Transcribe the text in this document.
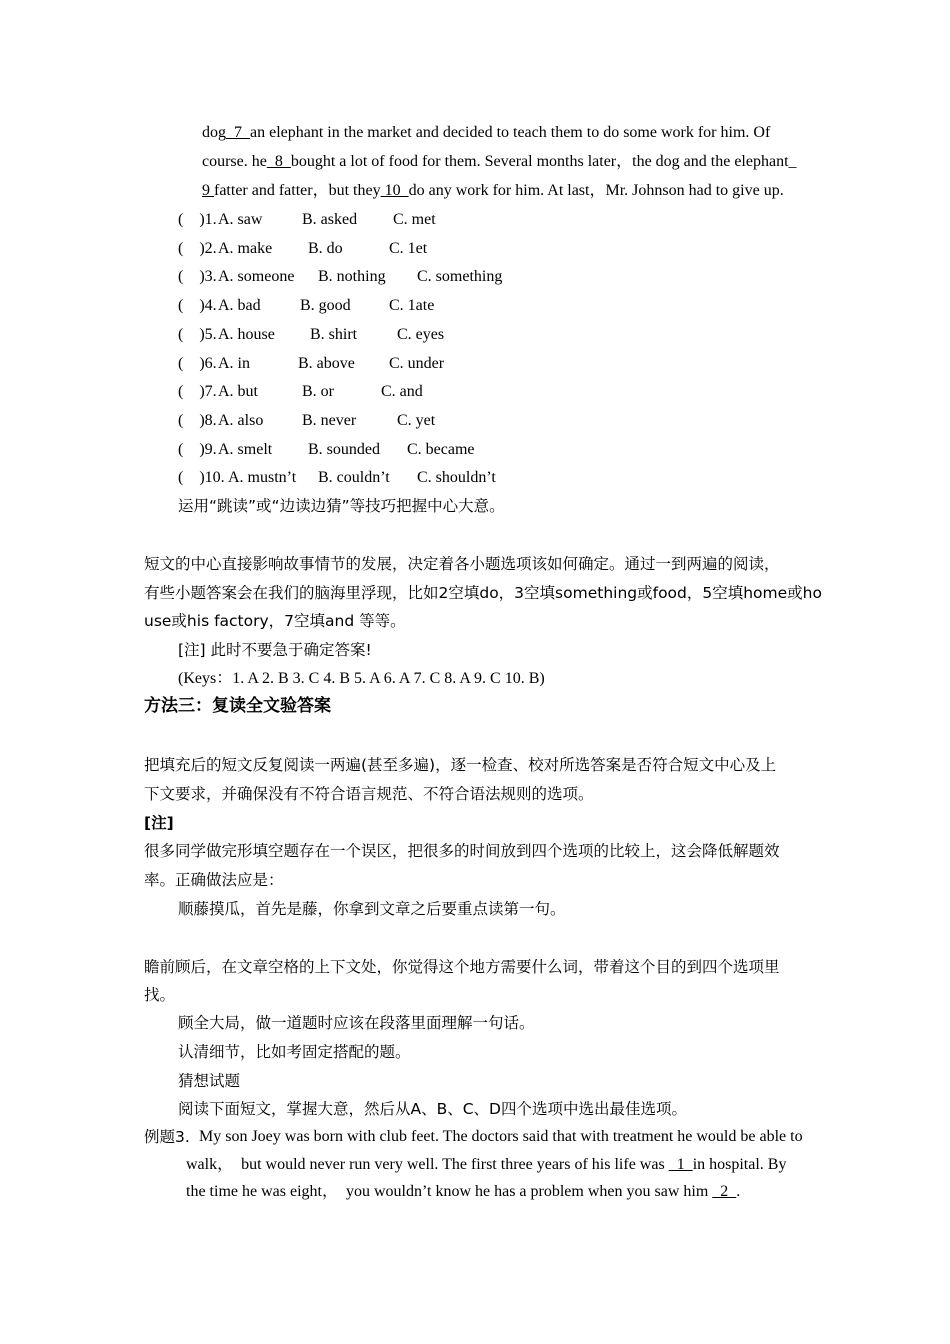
dog  7  an elephant in the market and decided to teach them to do some work for him. Of
course. he  8  bought a lot of food for them. Several months later，the dog and the elephant_
9 fatter and fatter，but they 10  do any work for him. At last，Mr. Johnson had to give up.
(    )1. A. saw B. asked C. met
(    )2. A. make B. do	C. 1et
(    )3. A. someone B. nothing C. something
(    )4. A. bad B. good C. 1ate
(    )5. A. house B. shirt C. eyes
(    )6. A. in	B. above C. under
(    )7. A. but	B. or	C. and
(    )8. A. also B. never	C. yet
(    )9. A. smelt B. sounded C. became
(    )10. A. mustn’t B. couldn’t C. shouldn’t
运用“跳读”或“边读边猜”等技巧把握中心大意。
短文的中心直接影响故事情节的发展，决定着各小题选项该如何确定。通过一到两遍的阅读，
有些小题答案会在我们的脑海里浮现，比如2空填do，3空填something或food，5空填home或ho
use或his factory，7空填and 等等。
[注] 此时不要急于确定答案!
(Keys：1. A 2. B 3. C 4. B 5. A 6. A 7. C 8. A 9. C 10. B)
方法三：复读全文验答案
把填充后的短文反复阅读一两遍(甚至多遍)，逐一检查、校对所选答案是否符合短文中心及上
下文要求，并确保没有不符合语言规范、不符合语法规则的选项。
[注]
很多同学做完形填空题存在一个误区，把很多的时间放到四个选项的比较上，这会降低解题效
率。正确做法应是：
顺藤摸瓜，首先是藤，你拿到文章之后要重点读第一句。
瞻前顾后，在文章空格的上下文处，你觉得这个地方需要什么词，带着这个目的到四个选项里
找。
顾全大局，做一道题时应该在段落里面理解一句话。
认清细节，比如考固定搭配的题。
猜想试题
阅读下面短文，掌握大意，然后从A、B、C、D四个选项中选出最佳选项。
例题3. My son Joey was born with club feet. The doctors said that with treatment he would be able to
walk，  but would never run very well. The first three years of his life was   1  in hospital. By
the time he was eight，  you wouldn’t know he has a problem when you saw him   2  .
